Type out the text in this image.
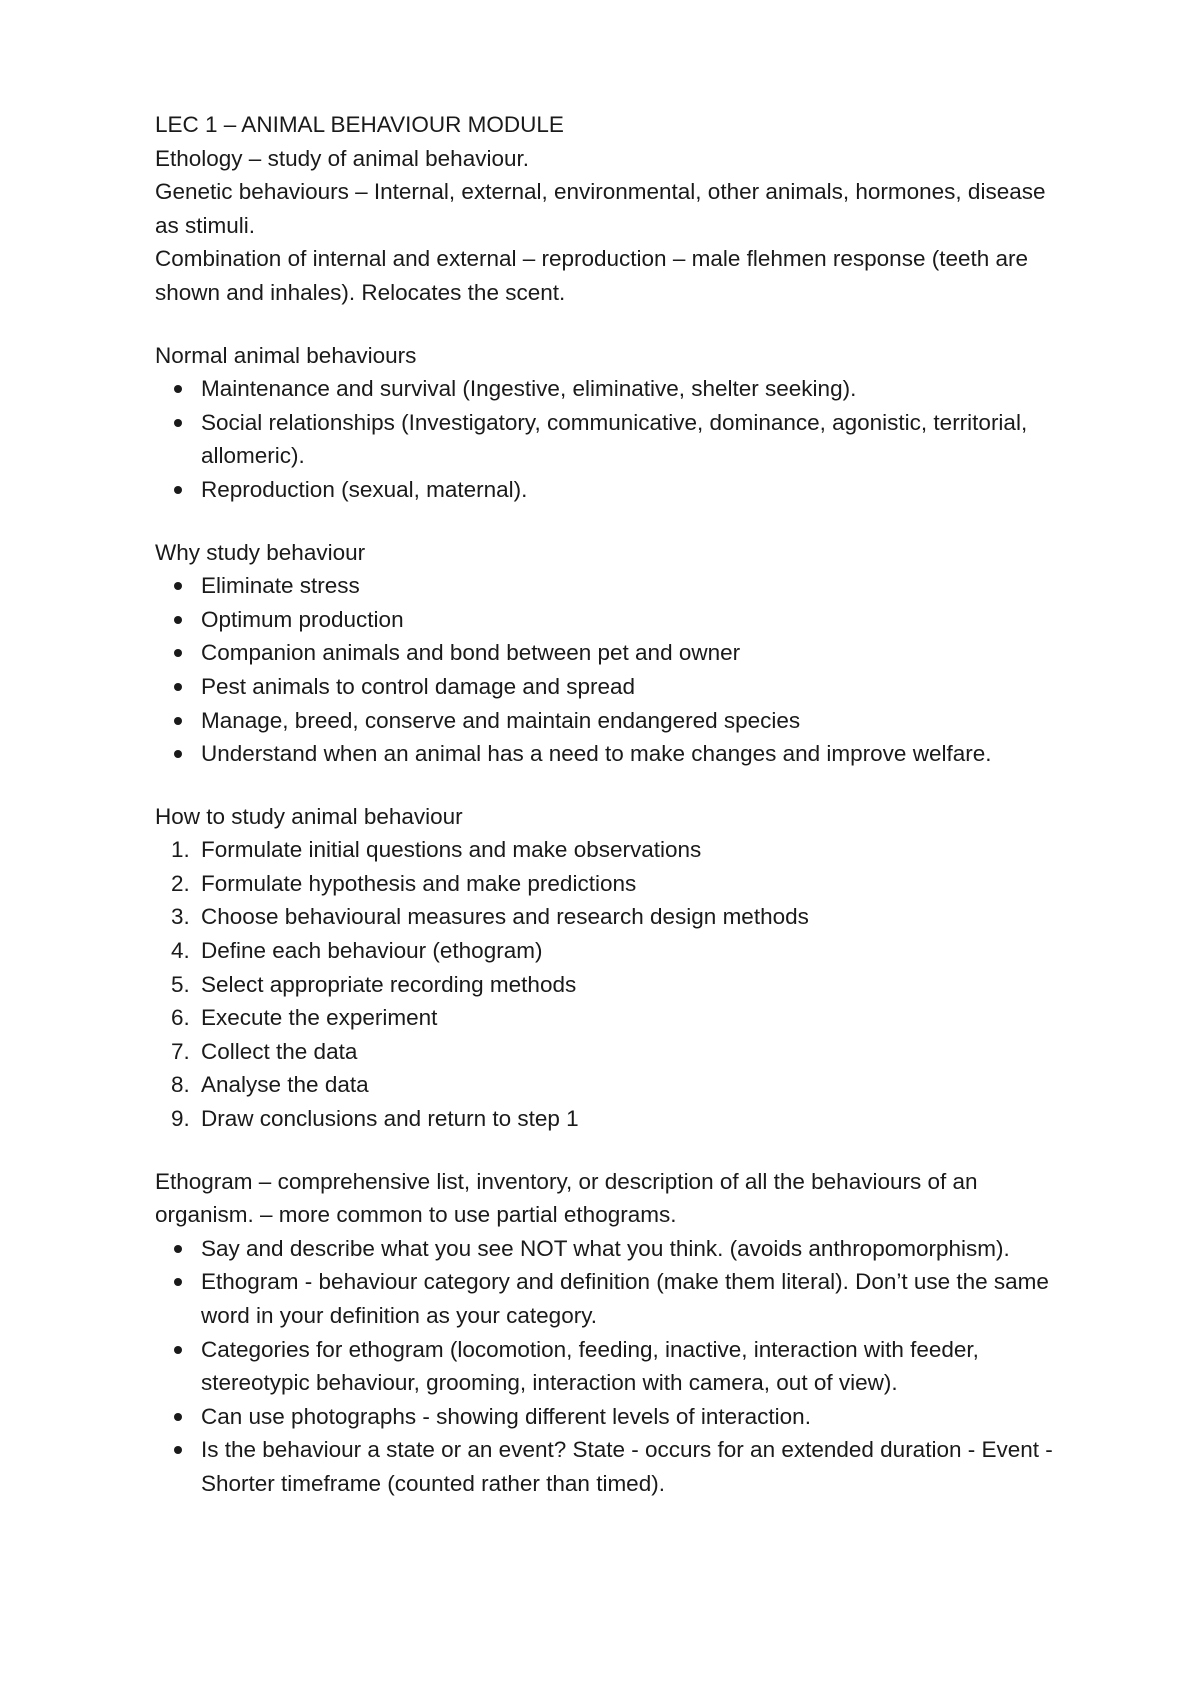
LEC 1 – ANIMAL BEHAVIOUR MODULE

Ethology – study of animal behaviour.

Genetic behaviours – Internal, external, environmental, other animals, hormones, disease as stimuli.

Combination of internal and external – reproduction – male flehmen response (teeth are shown and inhales). Relocates the scent.

Normal animal behaviours

Maintenance and survival (Ingestive, eliminative, shelter seeking).
Social relationships (Investigatory, communicative, dominance, agonistic, territorial, allomeric).
Reproduction (sexual, maternal).

Why study behaviour

Eliminate stress
Optimum production
Companion animals and bond between pet and owner
Pest animals to control damage and spread
Manage, breed, conserve and maintain endangered species
Understand when an animal has a need to make changes and improve welfare.

How to study animal behaviour

1. Formulate initial questions and make observations
2. Formulate hypothesis and make predictions
3. Choose behavioural measures and research design methods
4. Define each behaviour (ethogram)
5. Select appropriate recording methods
6. Execute the experiment
7. Collect the data
8. Analyse the data
9. Draw conclusions and return to step 1

Ethogram – comprehensive list, inventory, or description of all the behaviours of an organism. – more common to use partial ethograms.

Say and describe what you see NOT what you think. (avoids anthropomorphism).
Ethogram - behaviour category and definition (make them literal). Don’t use the same word in your definition as your category.
Categories for ethogram (locomotion, feeding, inactive, interaction with feeder, stereotypic behaviour, grooming, interaction with camera, out of view).
Can use photographs - showing different levels of interaction.
Is the behaviour a state or an event? State - occurs for an extended duration - Event - Shorter timeframe (counted rather than timed).
